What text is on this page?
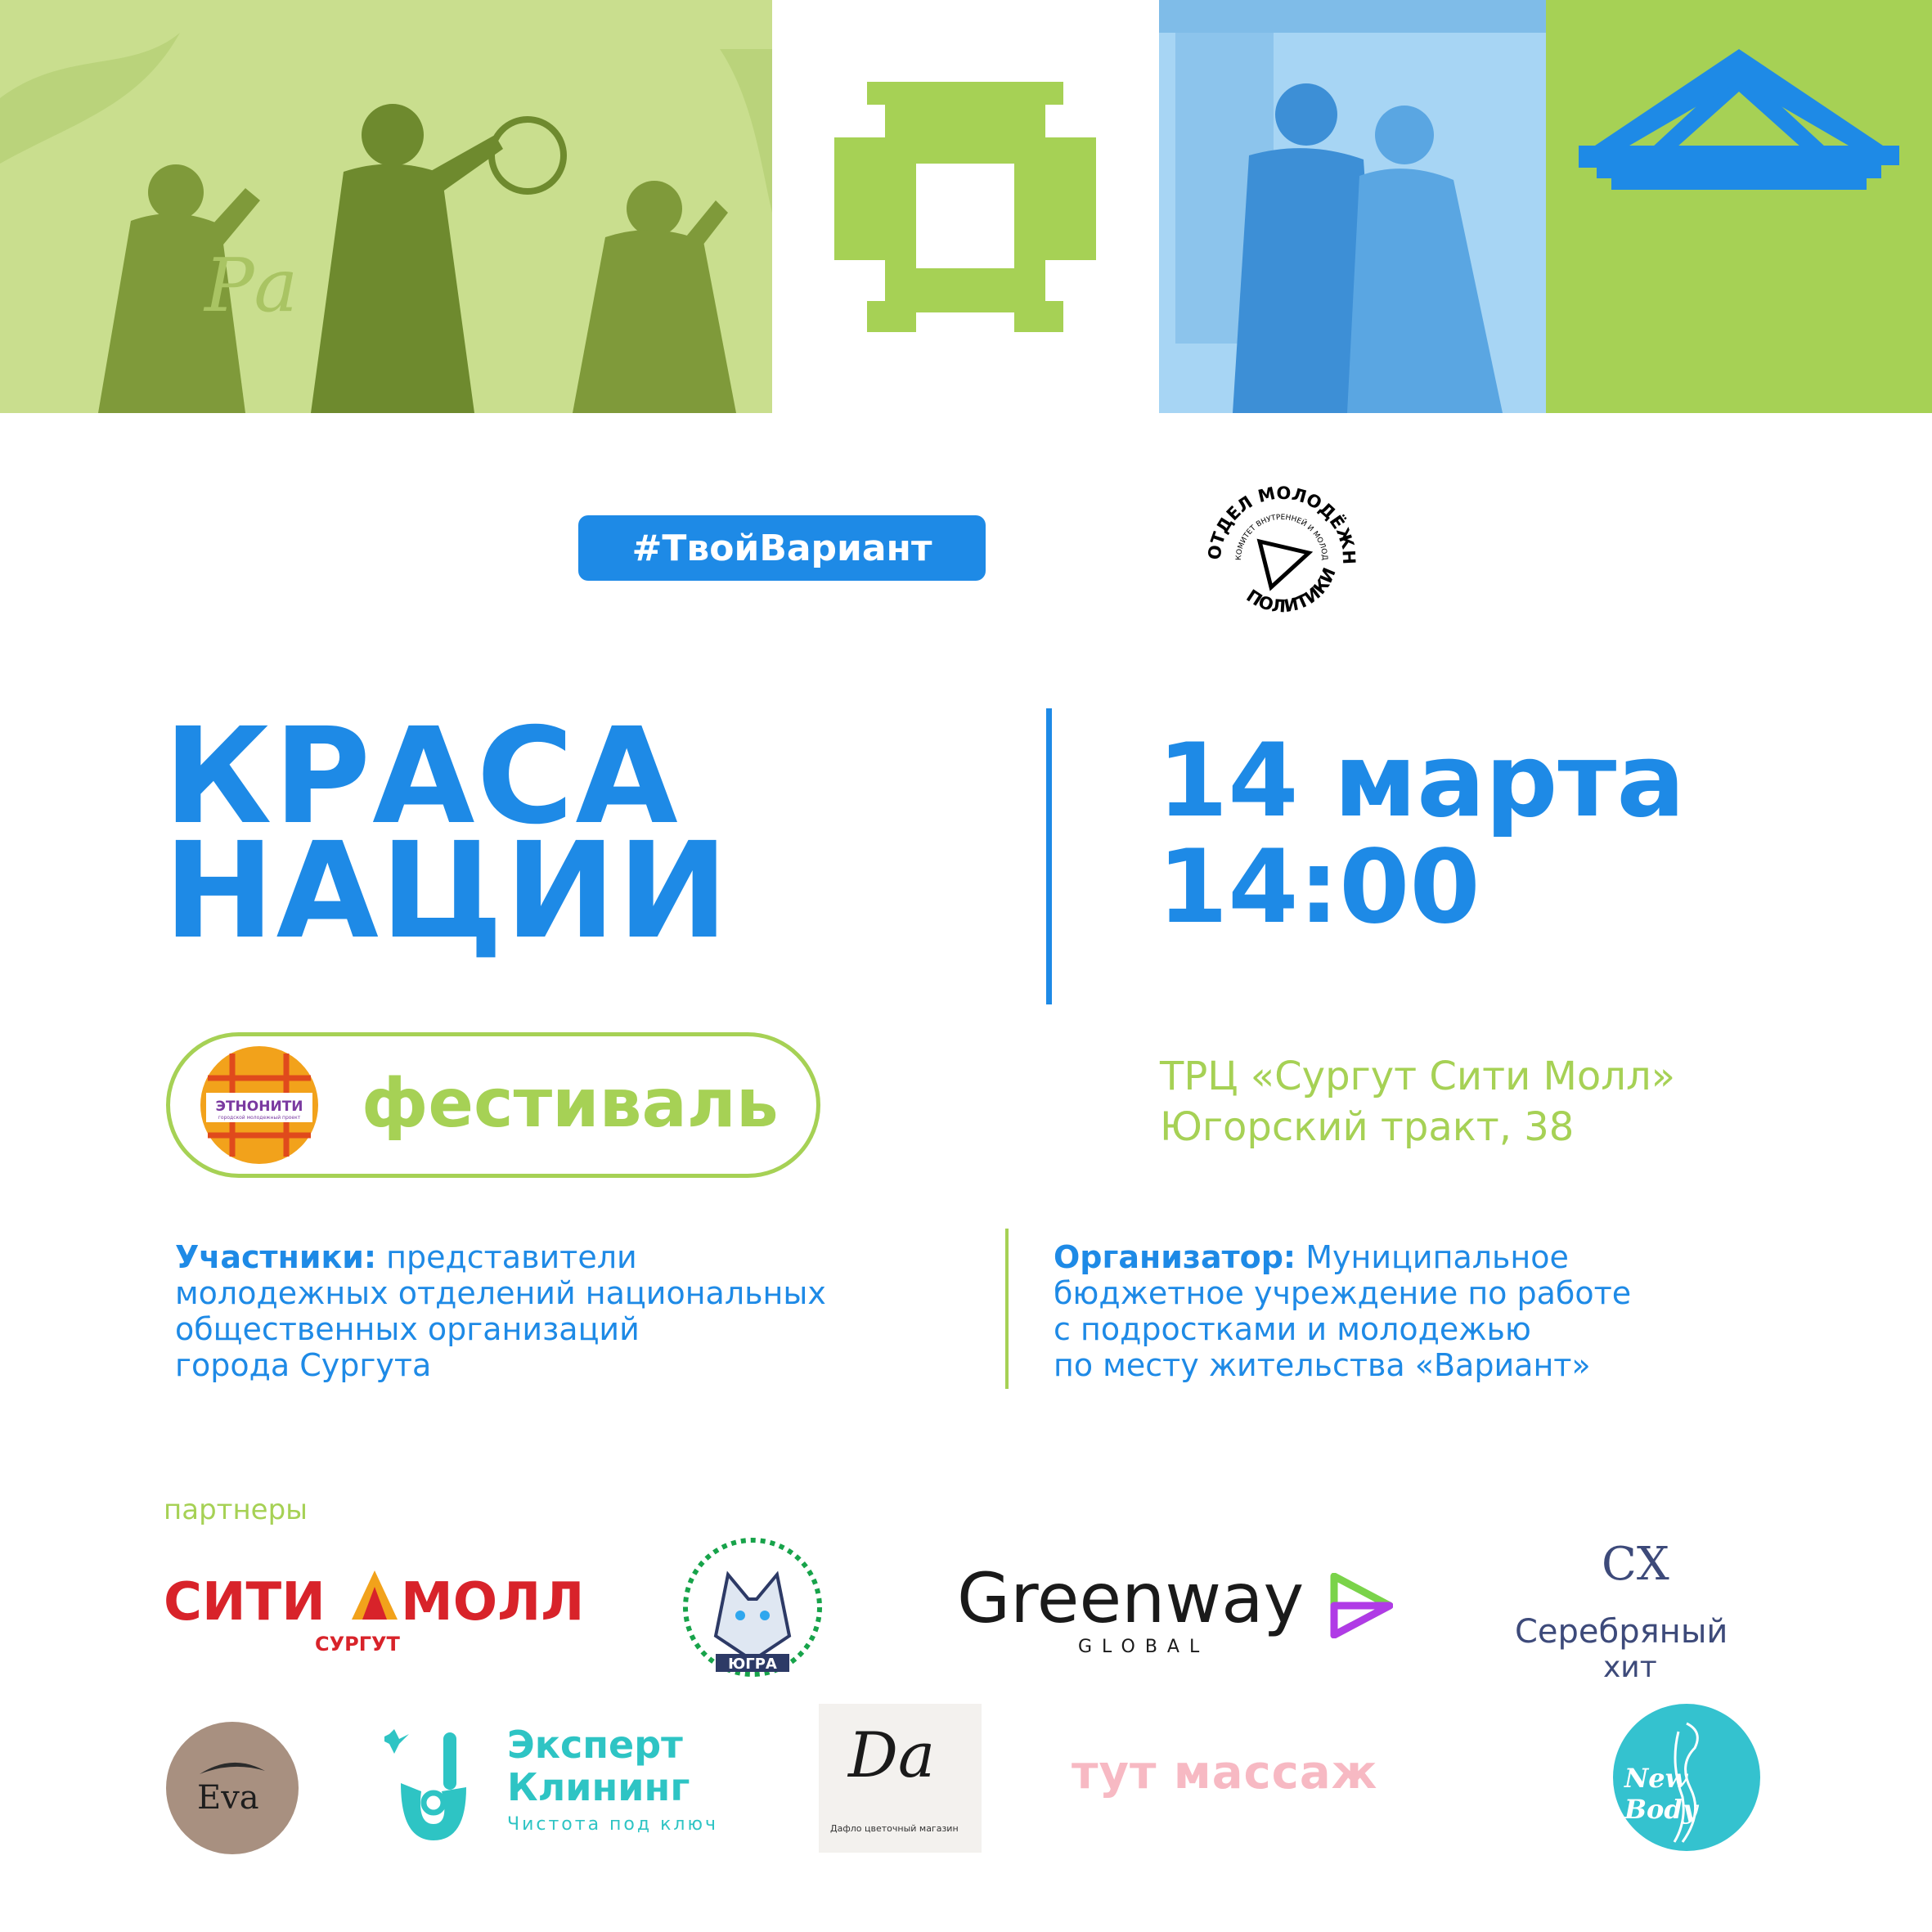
Ра
#ТвойВариант	ОТДЕЛ МОЛОДЁЖН
ПОЛИТИКИ
КОМИТЕТ ВНУТРЕННЕЙ И МОЛОД
КРАСА
НАЦИИ
14 марта
14:00
ЭТНОНИТИ
городской молодежный проект фестиваль	ТРЦ «Сургут Сити Молл»
Югорский тракт, 38
Участники: представители
молодежных отделений национальных
общественных организаций
города Сургута
Организатор: Муниципальное
бюджетное учреждение по работе
с подростками и молодежью
по месту жительства «Вариант»
партнеры
СИТИ МОЛЛ
СУРГУТ
ЮГРА
Greenway
GLOBAL
СХ
Серебряный
хит
Eva
Эксперт
Клининг
Чистота под ключ
Da
Дафло цветочный магазин
тут массаж	New Body
